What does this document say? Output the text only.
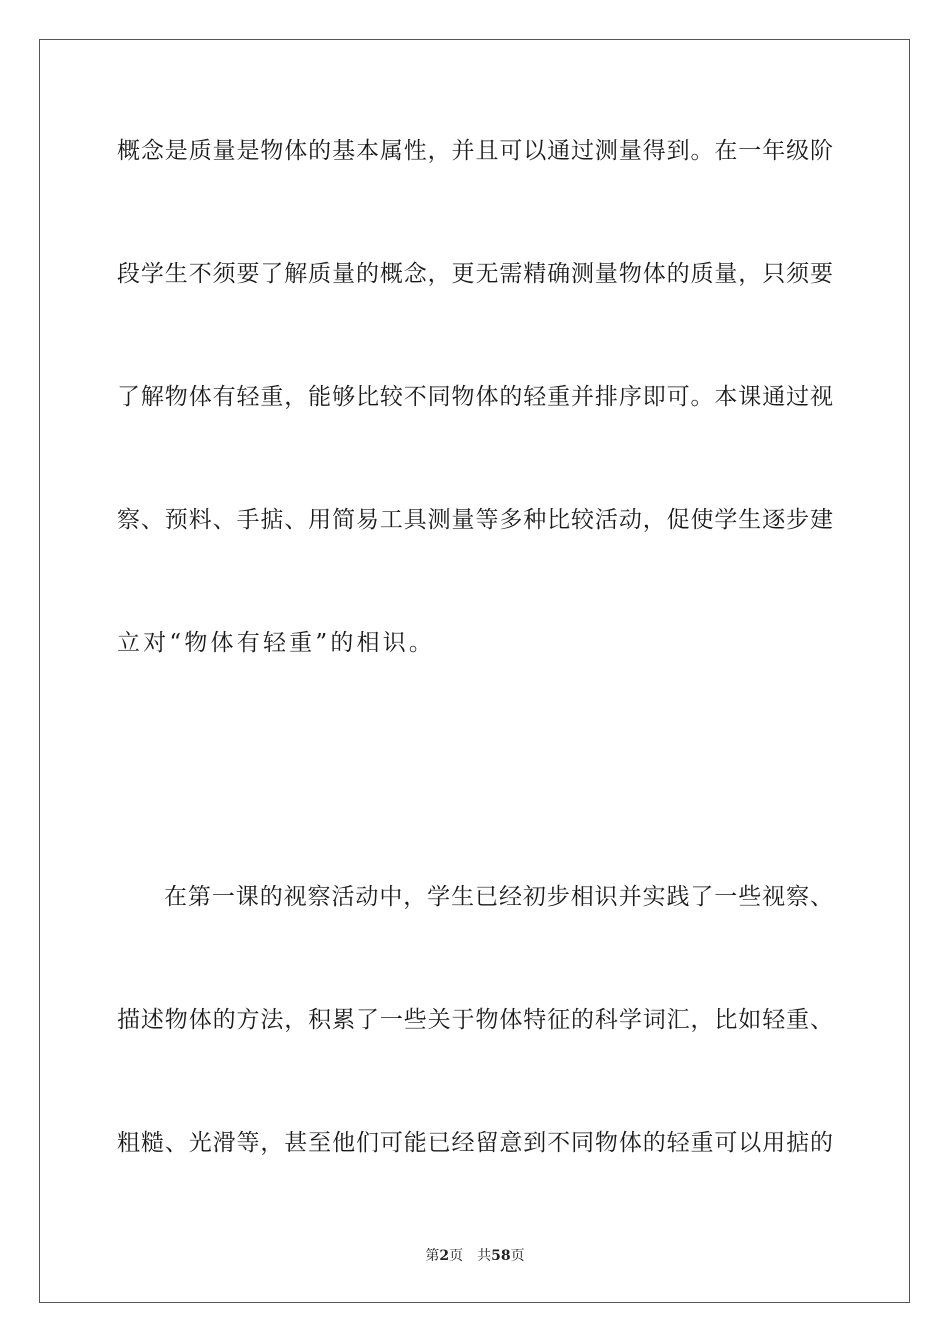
概念是质量是物体的基本属性，并且可以通过测量得到。在一年级阶
段学生不须要了解质量的概念，更无需精确测量物体的质量，只须要
了解物体有轻重，能够比较不同物体的轻重并排序即可。本课通过视
察、预料、手掂、用简易工具测量等多种比较活动，促使学生逐步建
立对“物体有轻重”的相识。
在第一课的视察活动中，学生已经初步相识并实践了一些视察、
描述物体的方法，积累了一些关于物体特征的科学词汇，比如轻重、
粗糙、光滑等，甚至他们可能已经留意到不同物体的轻重可以用掂的
第2页 共58页
